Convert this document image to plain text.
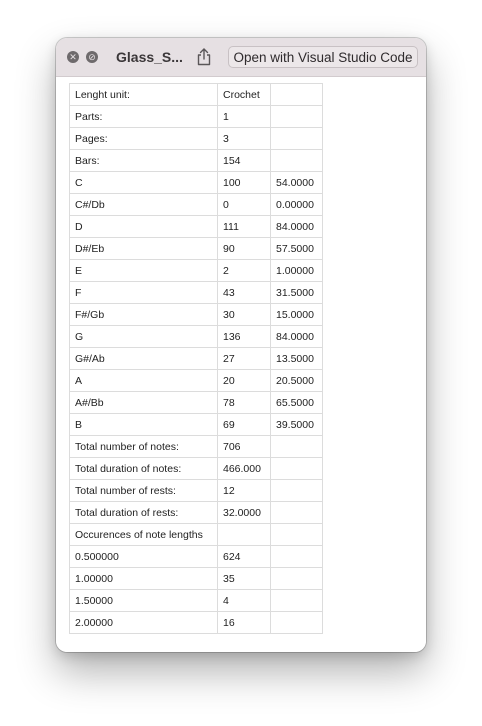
✕ ⊘ Glass_S...	Open with Visual Studio Code
Lenght unit:	Crochet	
Parts:	1	
Pages:	3	
Bars:	154	
C	100	54.0000
C#/Db	0	0.00000
D	111	84.0000
D#/Eb	90	57.5000
E	2	1.00000
F	43	31.5000
F#/Gb	30	15.0000
G	136	84.0000
G#/Ab	27	13.5000
A	20	20.5000
A#/Bb	78	65.5000
B	69	39.5000
Total number of notes:	706	
Total duration of notes:	466.000	
Total number of rests:	12	
Total duration of rests:	32.0000	
Occurences of note lengths		
0.500000	624	
1.00000	35	
1.50000	4	
2.00000	16	
